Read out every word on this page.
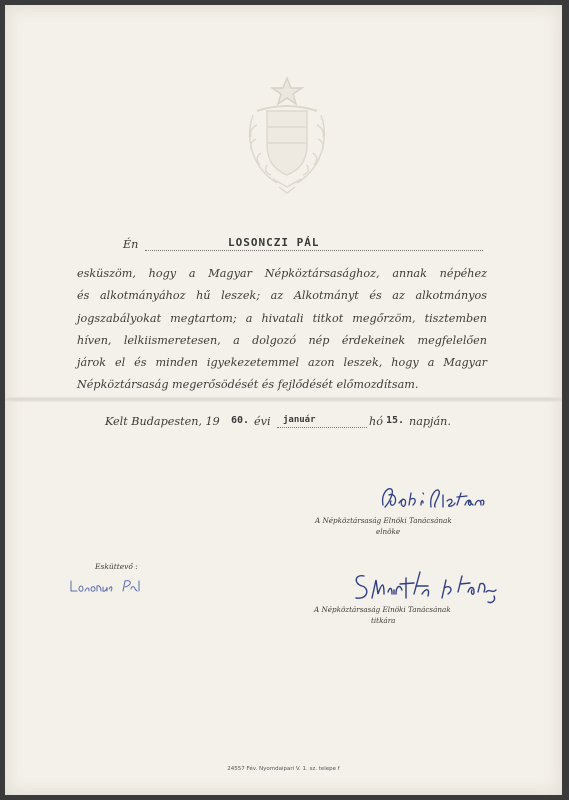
Én	LOSONCZI PÁL
esküszöm, hogy a Magyar Népköztársasághoz, annak népéhez
és alkotmányához hű leszek; az Alkotmányt és az alkotmányos
jogszabályokat megtartom; a hivatali titkot megőrzöm, tisztemben
híven, lelkiismeretesen, a dolgozó nép érdekeinek megfelelően
járok el és minden igyekezetemmel azon leszek, hogy a Magyar
Népköztársaság megerősödését és fejlődését előmozdítsam.
Kelt Budapesten, 19 60. évi január	hó 15. napján.
A Népköztársaság Elnöki Tanácsának
elnöke
Esküttevő :
A Népköztársaság Elnöki Tanácsának
titkára
24557 Fév. Nyomdaipari V. 1. sz. telepe f
